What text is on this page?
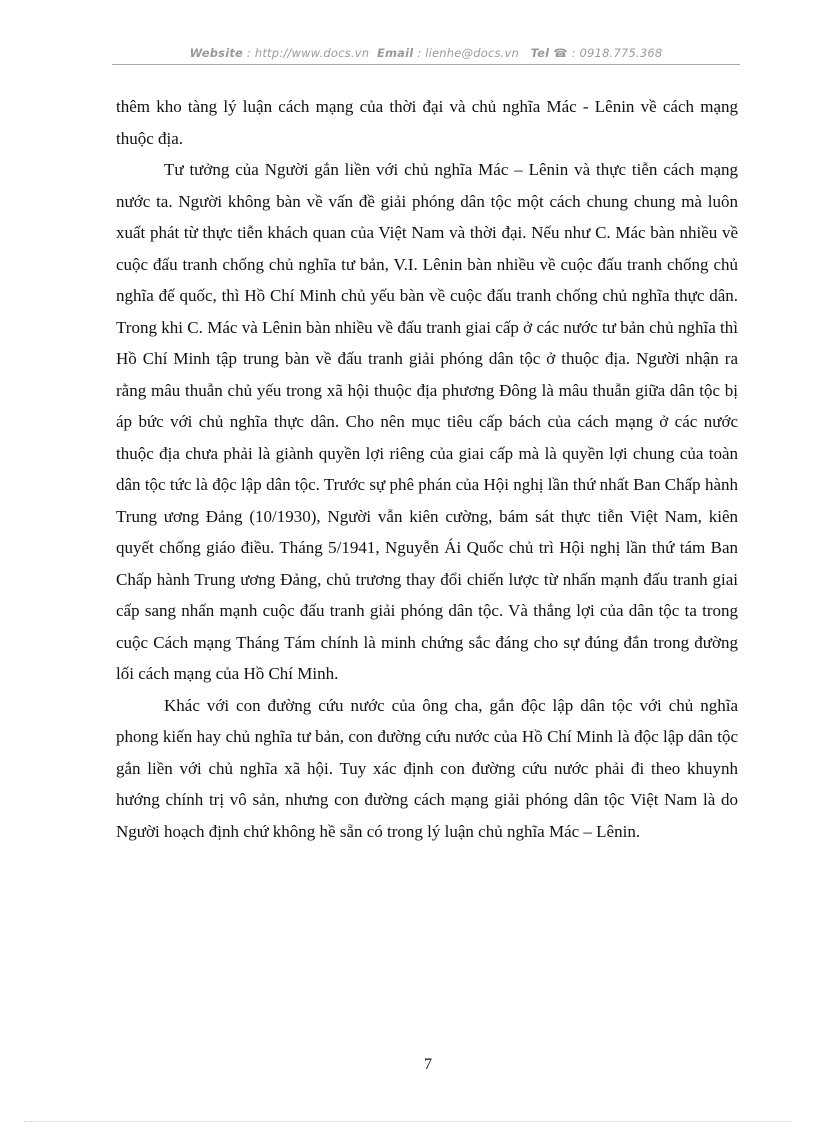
Website : http://www.docs.vn Email : lienhe@docs.vn Tel ☎ : 0918.775.368

thêm kho tàng lý luận cách mạng của thời đại và chủ nghĩa Mác - Lênin về cách mạng thuộc địa.

Tư tưởng của Người gắn liền với chủ nghĩa Mác – Lênin và thực tiễn cách mạng nước ta. Người không bàn về vấn đề giải phóng dân tộc một cách chung chung mà luôn xuất phát từ thực tiễn khách quan của Việt Nam và thời đại. Nếu như C. Mác bàn nhiều về cuộc đấu tranh chống chủ nghĩa tư bản, V.I. Lênin bàn nhiều về cuộc đấu tranh chống chủ nghĩa đế quốc, thì Hồ Chí Minh chủ yếu bàn về cuộc đấu tranh chống chủ nghĩa thực dân. Trong khi C. Mác và Lênin bàn nhiều về đấu tranh giai cấp ở các nước tư bản chủ nghĩa thì Hồ Chí Minh tập trung bàn về đấu tranh giải phóng dân tộc ở thuộc địa. Người nhận ra rằng mâu thuẫn chủ yếu trong xã hội thuộc địa phương Đông là mâu thuẫn giữa dân tộc bị áp bức với chủ nghĩa thực dân. Cho nên mục tiêu cấp bách của cách mạng ở các nước thuộc địa chưa phải là giành quyền lợi riêng của giai cấp mà là quyền lợi chung của toàn dân tộc tức là độc lập dân tộc. Trước sự phê phán của Hội nghị lần thứ nhất Ban Chấp hành Trung ương Đảng (10/1930), Người vẫn kiên cường, bám sát thực tiễn Việt Nam, kiên quyết chống giáo điều. Tháng 5/1941, Nguyễn Ái Quốc chủ trì Hội nghị lần thứ tám Ban Chấp hành Trung ương Đảng, chủ trương thay đổi chiến lược từ nhấn mạnh đấu tranh giai cấp sang nhấn mạnh cuộc đấu tranh giải phóng dân tộc. Và thắng lợi của dân tộc ta trong cuộc Cách mạng Tháng Tám chính là minh chứng sắc đáng cho sự đúng đắn trong đường lối cách mạng của Hồ Chí Minh.

Khác với con đường cứu nước của ông cha, gắn độc lập dân tộc với chủ nghĩa phong kiến hay chủ nghĩa tư bản, con đường cứu nước của Hồ Chí Minh là độc lập dân tộc gắn liền với chủ nghĩa xã hội. Tuy xác định con đường cứu nước phải đi theo khuynh hướng chính trị vô sản, nhưng con đường cách mạng giải phóng dân tộc Việt Nam là do Người hoạch định chứ không hề sẵn có trong lý luận chủ nghĩa Mác – Lênin.

7
